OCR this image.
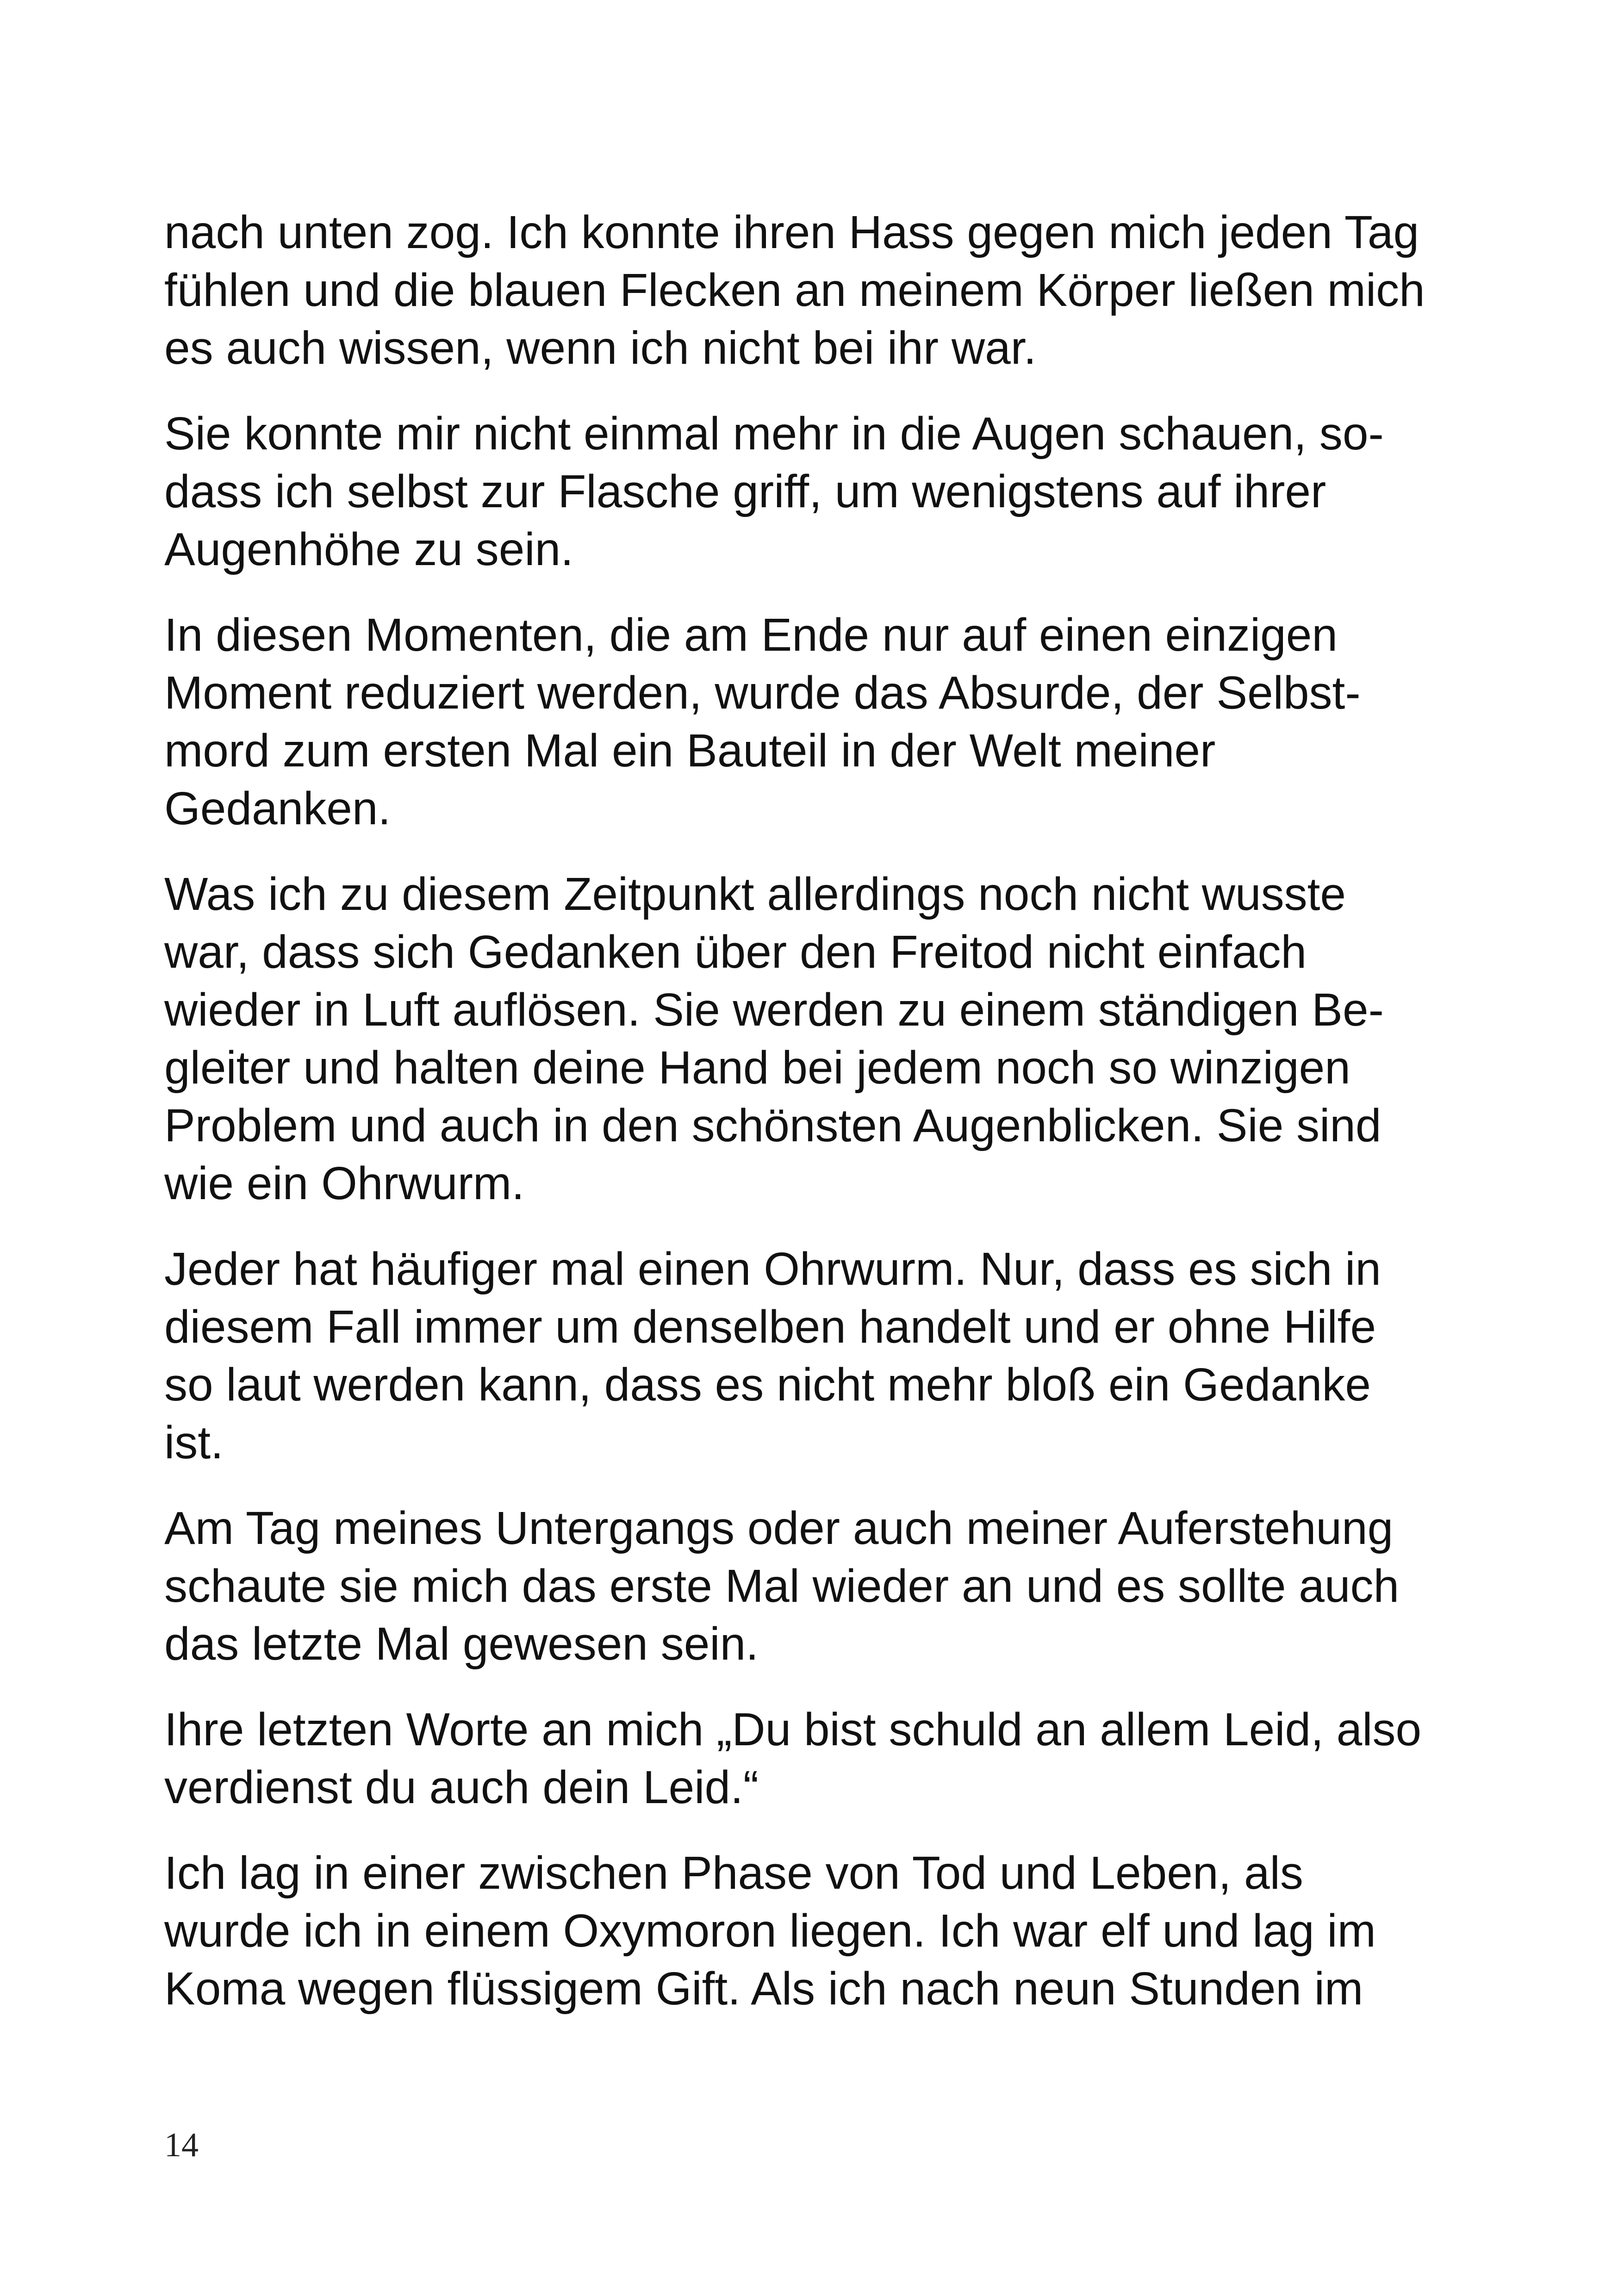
nach unten zog. Ich konnte ihren Hass gegen mich jeden Tag
fühlen und die blauen Flecken an meinem Körper ließen mich
es auch wissen, wenn ich nicht bei ihr war.

Sie konnte mir nicht einmal mehr in die Augen schauen, so-
dass ich selbst zur Flasche griff, um wenigstens auf ihrer
Augenhöhe zu sein.

In diesen Momenten, die am Ende nur auf einen einzigen
Moment reduziert werden, wurde das Absurde, der Selbst-
mord zum ersten Mal ein Bauteil in der Welt meiner
Gedanken.

Was ich zu diesem Zeitpunkt allerdings noch nicht wusste
war, dass sich Gedanken über den Freitod nicht einfach
wieder in Luft auflösen. Sie werden zu einem ständigen Be-
gleiter und halten deine Hand bei jedem noch so winzigen
Problem und auch in den schönsten Augenblicken. Sie sind
wie ein Ohrwurm.

Jeder hat häufiger mal einen Ohrwurm. Nur, dass es sich in
diesem Fall immer um denselben handelt und er ohne Hilfe
so laut werden kann, dass es nicht mehr bloß ein Gedanke
ist.

Am Tag meines Untergangs oder auch meiner Auferstehung
schaute sie mich das erste Mal wieder an und es sollte auch
das letzte Mal gewesen sein.

Ihre letzten Worte an mich „Du bist schuld an allem Leid, also
verdienst du auch dein Leid.“

Ich lag in einer zwischen Phase von Tod und Leben, als
wurde ich in einem Oxymoron liegen. Ich war elf und lag im
Koma wegen flüssigem Gift. Als ich nach neun Stunden im

14
